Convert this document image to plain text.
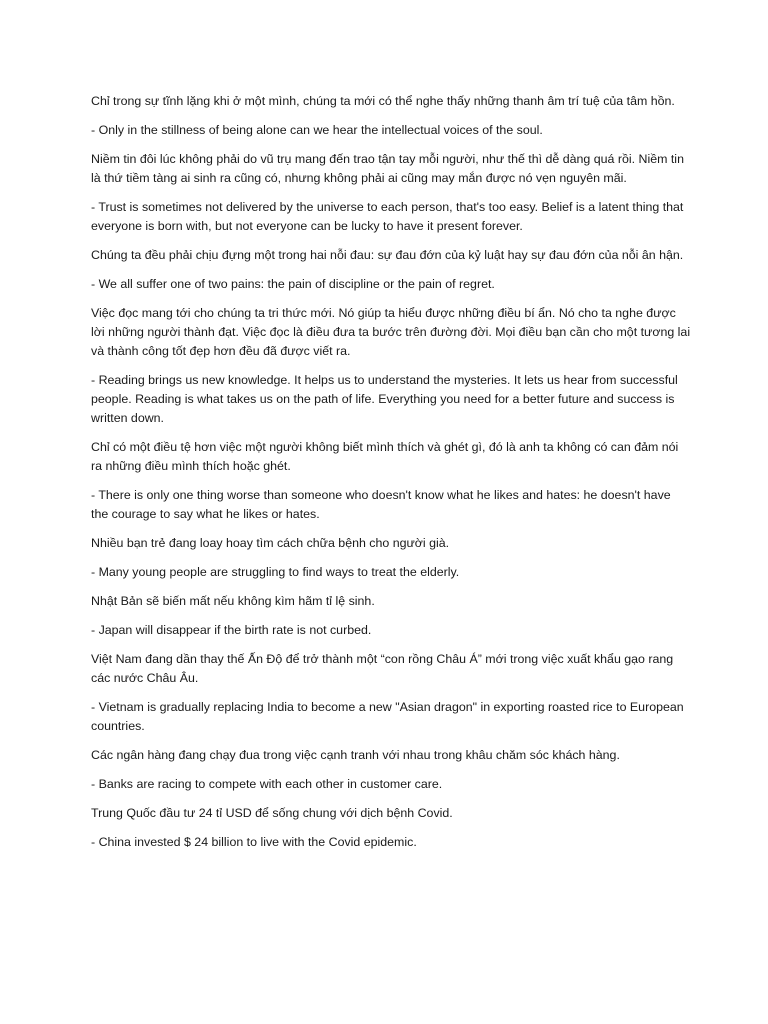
Chỉ trong sự tĩnh lặng khi ở một mình, chúng ta mới có thể nghe thấy những thanh âm trí tuệ của tâm hồn.

- Only in the stillness of being alone can we hear the intellectual voices of the soul.

Niềm tin đôi lúc không phải do vũ trụ mang đến trao tận tay mỗi người, như thế thì dễ dàng quá rồi. Niềm tin là thứ tiềm tàng ai sinh ra cũng có, nhưng không phải ai cũng may mắn được nó vẹn nguyên mãi.

- Trust is sometimes not delivered by the universe to each person, that's too easy. Belief is a latent thing that everyone is born with, but not everyone can be lucky to have it present forever.

Chúng ta đều phải chịu đựng một trong hai nỗi đau: sự đau đớn của kỷ luật hay sự đau đớn của nỗi ân hận.

- We all suffer one of two pains: the pain of discipline or the pain of regret.

Việc đọc mang tới cho chúng ta tri thức mới. Nó giúp ta hiểu được những điều bí ẩn. Nó cho ta nghe được lời những người thành đạt. Việc đọc là điều đưa ta bước trên đường đời. Mọi điều bạn cần cho một tương lai và thành công tốt đẹp hơn đều đã được viết ra.

- Reading brings us new knowledge. It helps us to understand the mysteries. It lets us hear from successful people. Reading is what takes us on the path of life. Everything you need for a better future and success is written down.

Chỉ có một điều tệ hơn việc một người không biết mình thích và ghét gì, đó là anh ta không có can đảm nói ra những điều mình thích hoặc ghét.

- There is only one thing worse than someone who doesn't know what he likes and hates: he doesn't have the courage to say what he likes or hates.

Nhiều bạn trẻ đang loay hoay tìm cách chữa bệnh cho người già.

- Many young people are struggling to find ways to treat the elderly.

Nhật Bản sẽ biến mất nếu không kìm hãm tỉ lệ sinh.

- Japan will disappear if the birth rate is not curbed.

Việt Nam đang dần thay thế Ấn Độ để trở thành một “con rồng Châu Á” mới trong việc xuất khẩu gạo rang các nước Châu Âu.

- Vietnam is gradually replacing India to become a new "Asian dragon" in exporting roasted rice to European countries.

Các ngân hàng đang chạy đua trong việc cạnh tranh với nhau trong khâu chăm sóc khách hàng.

- Banks are racing to compete with each other in customer care.

Trung Quốc đầu tư 24 tỉ USD để sống chung với dịch bệnh Covid.

- China invested $ 24 billion to live with the Covid epidemic.
